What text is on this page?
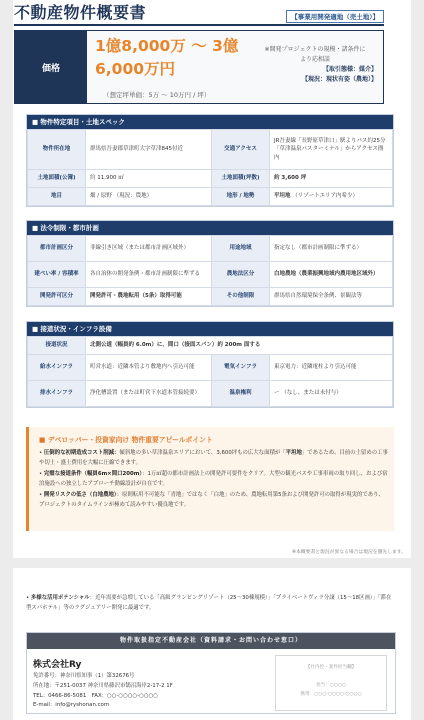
不動産物件概要書	【事業用開発適地（売土地）】
価格
1億8,000万 〜 3億
6,000万円
（想定坪単価：5万 〜 10万円 / 坪）
※開発プロジェクトの規模・諸条件に
より応相談
【取引態様：媒介】
【現況：現状有姿（農地）】
■ 物件特定項目・土地スペック
物件所在地	群馬県吾妻郡草津町大字草津845付近	交通アクセス	JR吾妻線「長野原草津口」駅よりバス約25分「草津温泉バスターミナル」からアクセス圏内
土地面積(公簿)	約 11,900 ㎡	土地面積(坪数)	約 3,600 坪
地目	畑 / 原野 （現況：農地）	地形 / 地勢	平坦地 （リゾートエリア内希少）
■ 法令制限・都市計画
都市計画区分	非線引き区域（または都市計画区域外）	用途地域	指定なし（都市計画制限に準ずる）
建ぺい率 / 容積率	各自治体の開発条例・都市計画制限に準ずる	農地法区分	白地農地（農業振興地域内農用地区域外）
開発許可区分	開発許可・農地転用（5条）取得可能	その他制限	群馬県自然環境保全条例、景観法等
■ 接道状況・インフラ設備
接道状況	北側公道（幅員約 6.0m）に、間口（接面スパン）約 200m 面する		
給水インフラ	町営水道：近隣本管より敷地内へ引込可能	電気インフラ	東京電力：近隣電柱より引込可能
排水インフラ	浄化槽設置（または町営下水道本管接続要）	温泉権利	ー （なし、または未付与）
■ デベロッパー・投資家向け 物件重要アピールポイント
• 圧倒的な初期造成コスト削減：傾斜地の多い草津温泉エリアにおいて、3,600坪もの広大な面積が「平坦地」であるため、目前の土留めの工事や切土・盛土費用を大幅に圧縮できます。
• 完璧な接道条件（幅員6m×間口200m）：1万㎡超の都市計画法上の開発許可要件をクリア。大型の観光バスや工事車両の取り回し、および宿泊施設への独立したアプローチ動線設計が自在です。
• 開発リスクの低さ（白地農地）：原則転用不可能な「青地」ではなく「白地」のため、農地転用第5条および開発許可の取得が現実的であり、プロジェクトのタイムラインが極めて読みやすい優良地です。
※本概要書と現況が異なる場合は現況を優先します。
• 多様な活用ポテンシャル：近年需要が急増している「高級グランピングリゾート（25〜30棟規模）」「プライベートヴィラ分譲（15〜18区画）」「滞在型スパホテル」等のラグジュアリー開発に最適です。
物件取扱指定不動産会社（資料請求・お問い合わせ窓口）
株式会社Ry
免許番号：神奈川県知事（1）第32676号
所在地：〒251-0037 神奈川県藤沢市鵠沼海岸2-17-2 1F
TEL：0466-86-5081　FAX：○○-○○○○-○○○○
E-mail：info@ryshonan.com
【社内控・案件担当欄】
担当：○○○○
携帯：○○○-○○○○-○○○○
